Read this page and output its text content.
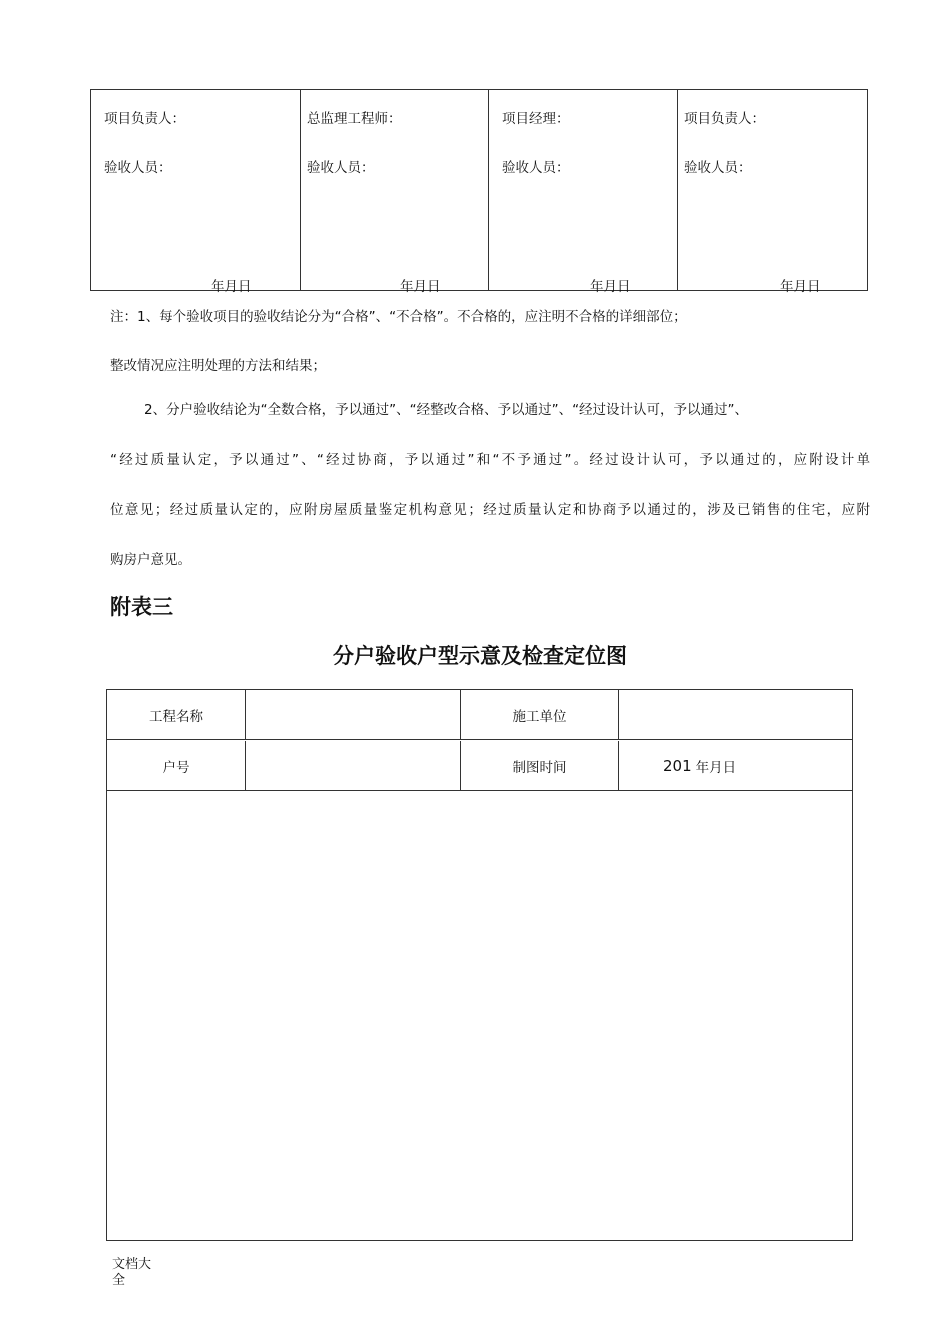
项目负责人：
验收人员：
年月日
总监理工程师：
验收人员：
年月日
项目经理：
验收人员：
年月日
项目负责人：
验收人员：
年月日
注：1、每个验收项目的验收结论分为“合格”、“不合格”。不合格的，应注明不合格的详细部位；
整改情况应注明处理的方法和结果；
2、分户验收结论为“全数合格，予以通过”、“经整改合格、予以通过”、“经过设计认可，予以通过”、
“经过质量认定，予以通过”、“经过协商，予以通过”和“不予通过”。经过设计认可，予以通过的，应附设计单
位意见；经过质量认定的，应附房屋质量鉴定机构意见；经过质量认定和协商予以通过的，涉及已销售的住宅，应附
购房户意见。
附表三
分户验收户型示意及检查定位图
工程名称	施工单位
户号	制图时间	201 年月日
文档大全
